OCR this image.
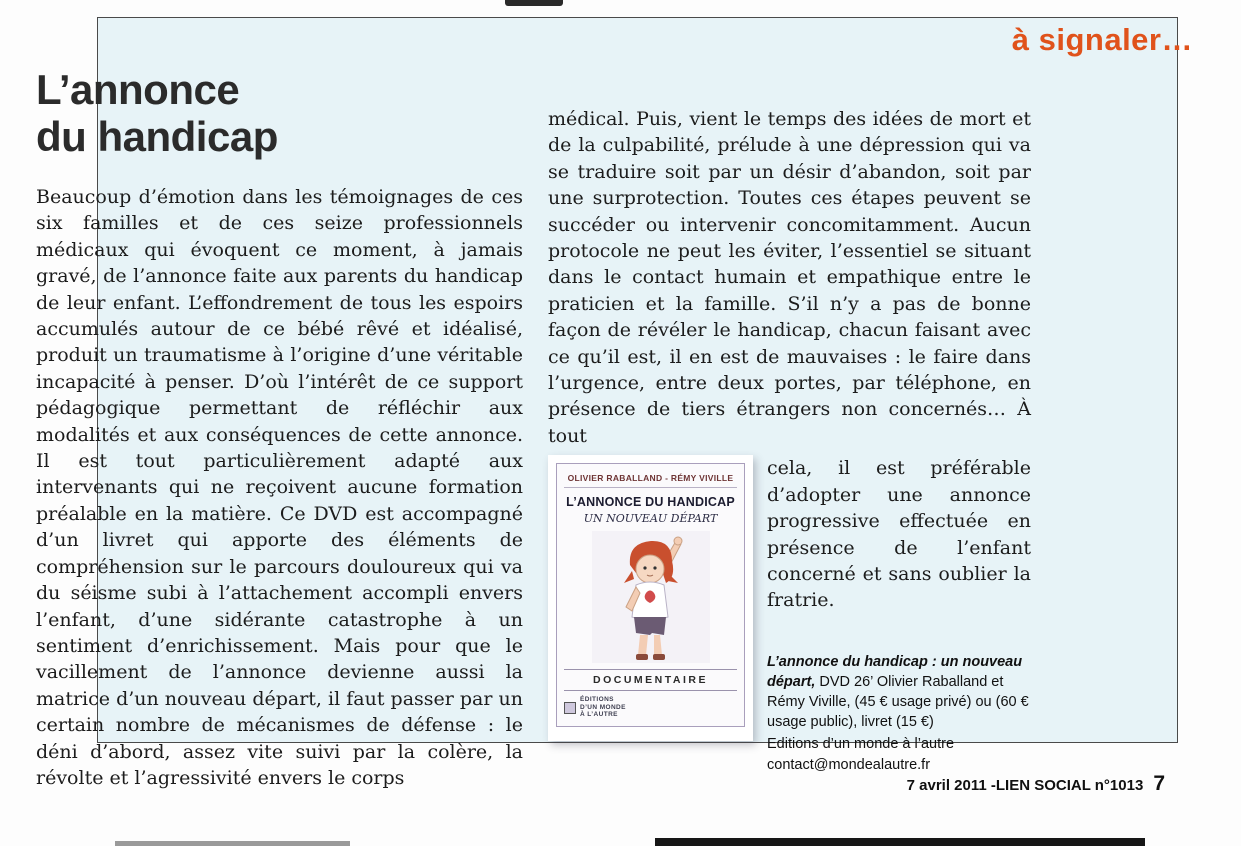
à signaler…
L’annonce
du handicap

Beaucoup d’émotion dans les témoignages de ces six familles et de ces seize professionnels médicaux qui évoquent ce moment, à jamais gravé, de l’annonce faite aux parents du handicap de leur enfant. L’effondrement de tous les espoirs accumulés autour de ce bébé rêvé et idéalisé, produit un traumatisme à l’origine d’une véritable incapacité à penser. D’où l’intérêt de ce support pédagogique permettant de réfléchir aux modalités et aux conséquences de cette annonce. Il est tout particulièrement adapté aux intervenants qui ne reçoivent aucune formation préalable en la matière. Ce DVD est accompagné d’un livret qui apporte des éléments de compréhension sur le parcours douloureux qui va du séisme subi à l’attachement accompli envers l’enfant, d’une sidérante catastrophe à un sentiment d’enrichissement. Mais pour que le vacillement de l’annonce devienne aussi la matrice d’un nouveau départ, il faut passer par un certain nombre de mécanismes de défense : le déni d’abord, assez vite suivi par la colère, la révolte et l’agressivité envers le corps

médical. Puis, vient le temps des idées de mort et de la culpabilité, prélude à une dépression qui va se traduire soit par un désir d’abandon, soit par une surprotection. Toutes ces étapes peuvent se succéder ou intervenir concomitamment. Aucun protocole ne peut les éviter, l’essentiel se situant dans le contact humain et empathique entre le praticien et la famille. S’il n’y a pas de bonne façon de révéler le handicap, chacun faisant avec ce qu’il est, il en est de mauvaises : le faire dans l’urgence, entre deux portes, par téléphone, en présence de tiers étrangers non concernés… À tout

OLIVIER RABALLAND - RÉMY VIVILLE
L’ANNONCE DU HANDICAP
UN NOUVEAU DÉPART
DOCUMENTAIRE
ÉDITIONS
D’UN MONDE
À L’AUTRE

cela, il est préférable d’adopter une annonce progressive effectuée en présence de l’enfant concerné et sans oublier la fratrie.

L’annonce du handicap : un nouveau départ, DVD 26’ Olivier Raballand et Rémy Viville, (45 € usage privé) ou (60 € usage public), livret (15 €)

Editions d’un monde à l’autre
contact@mondealautre.fr
7 avril 2011 - LIEN SOCIAL n°1013 7
